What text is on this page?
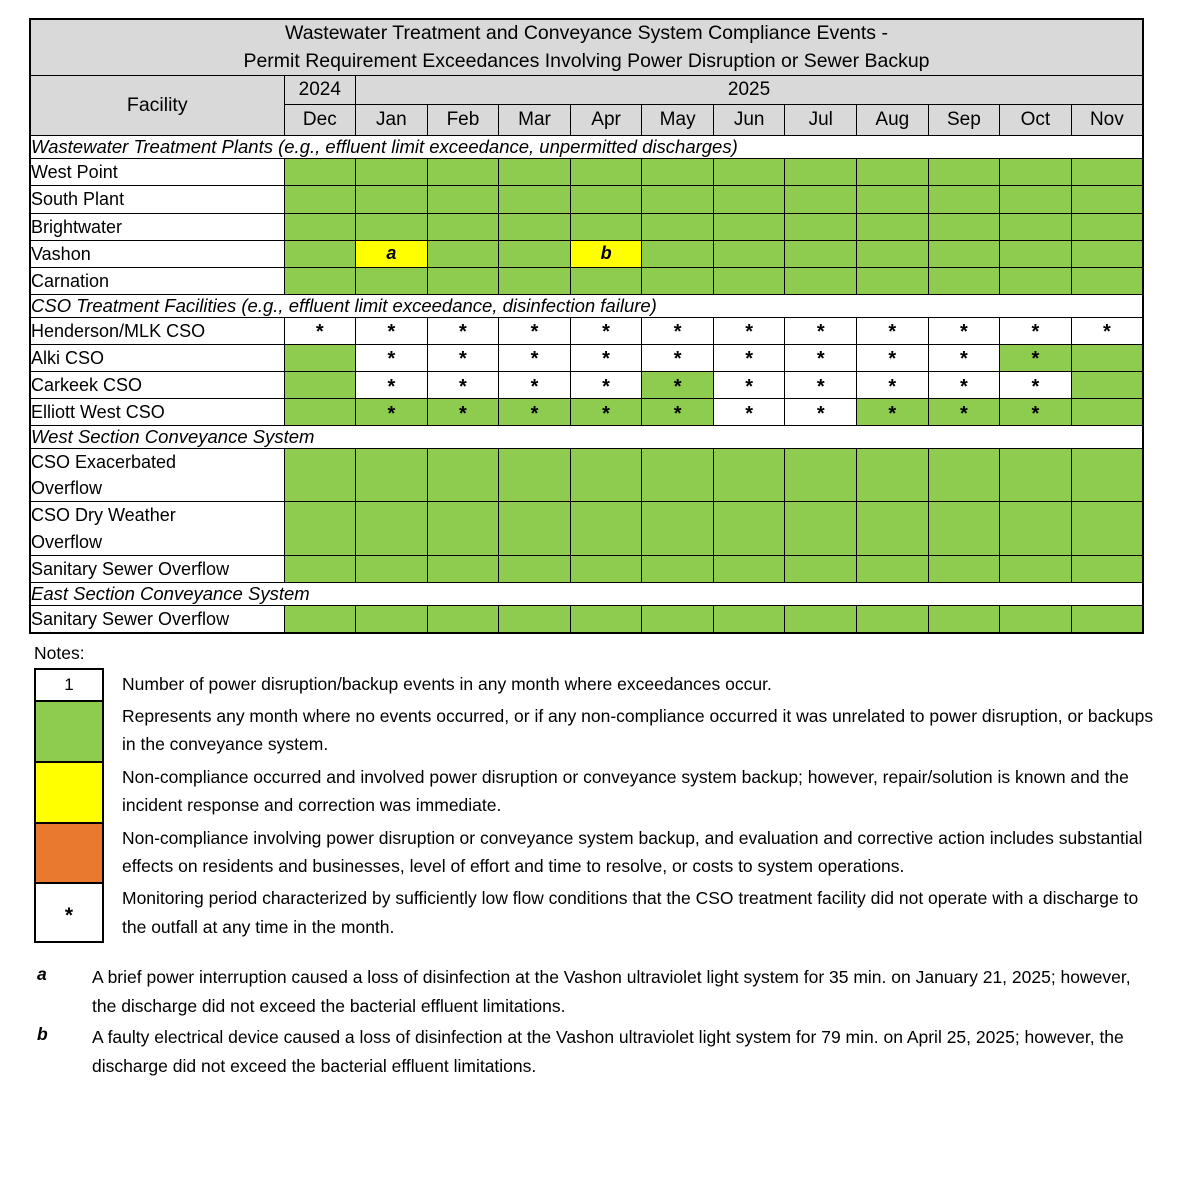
Wastewater Treatment and Conveyance System Compliance Events -
Permit Requirement Exceedances Involving Power Disruption or Sewer Backup												
Facility	2024	2025										
	Dec	Jan	Feb	Mar	Apr	May	Jun	Jul	Aug	Sep	Oct	Nov
Wastewater Treatment Plants (e.g., effluent limit exceedance, unpermitted discharges)												
West Point												
South Plant												
Brightwater												
Vashon		a			b							
Carnation												
CSO Treatment Facilities (e.g., effluent limit exceedance, disinfection failure)												
Henderson/MLK CSO	*	*	*	*	*	*	*	*	*	*	*	*
Alki CSO		*	*	*	*	*	*	*	*	*	*	
Carkeek CSO		*	*	*	*	*	*	*	*	*	*	
Elliott West CSO		*	*	*	*	*	*	*	*	*	*	
West Section Conveyance System												

CSO Exacerbated
Overflow												

CSO Dry Weather
Overflow												

Sanitary Sewer Overflow												
East Section Conveyance System												
Sanitary Sewer Overflow												
Notes:
1	Number of power disruption/backup events in any month where exceedances occur.

Represents any month where no events occurred, or if any non-compliance occurred it was unrelated to power disruption, or backups in the conveyance system.

Non-compliance occurred and involved power disruption or conveyance system backup; however, repair/solution is known and the incident response and correction was immediate.

Non-compliance involving power disruption or conveyance system backup, and evaluation and corrective action includes substantial effects on residents and businesses, level of effort and time to resolve, or costs to system operations.

*

Monitoring period characterized by sufficiently low flow conditions that the CSO treatment facility did not operate with a discharge to the outfall at any time in the month.

a	A brief power interruption caused a loss of disinfection at the Vashon ultraviolet light system for 35 min. on January 21, 2025; however, the discharge did not exceed the bacterial effluent limitations.

b	A faulty electrical device caused a loss of disinfection at the Vashon ultraviolet light system for 79 min. on April 25, 2025; however, the discharge did not exceed the bacterial effluent limitations.
